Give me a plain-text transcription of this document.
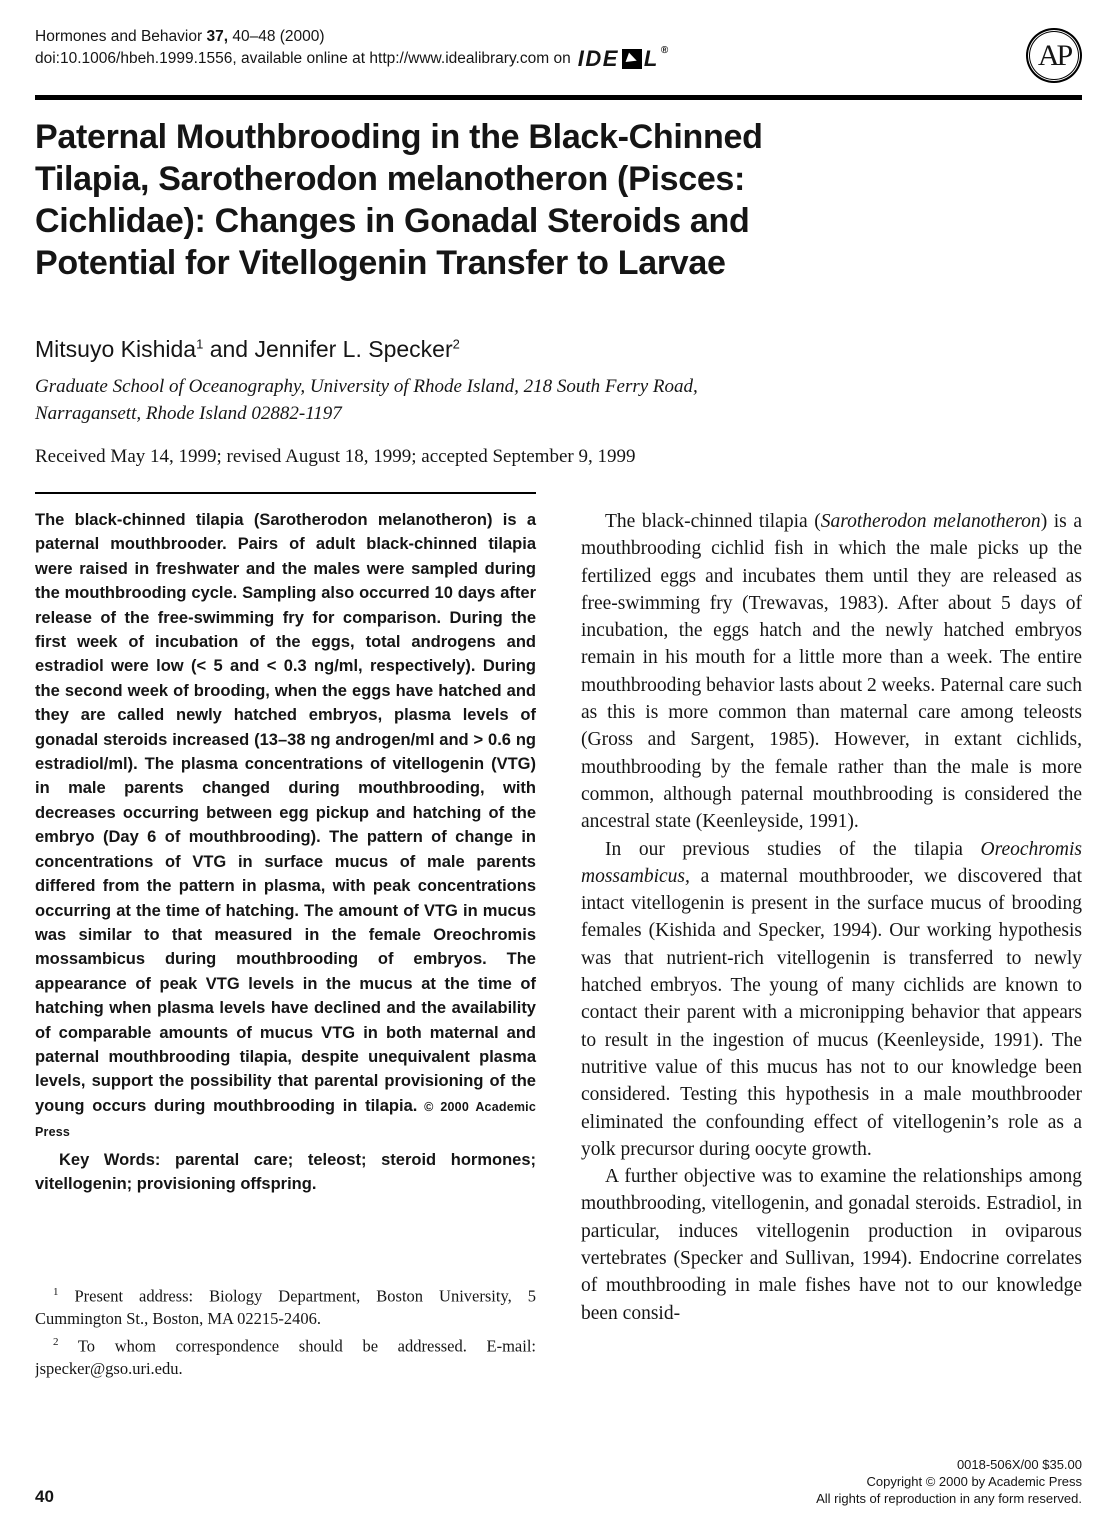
Hormones and Behavior 37, 40–48 (2000)
doi:10.1006/hbeh.1999.1556, available online at http://www.idealibrary.com on IDE L ®	AP
Paternal Mouthbrooding in the Black-Chinned
Tilapia, Sarotherodon melanotheron (Pisces:
Cichlidae): Changes in Gonadal Steroids and
Potential for Vitellogenin Transfer to Larvae
Mitsuyo Kishida$^1$ and Jennifer L. Specker$^2$
Graduate School of Oceanography, University of Rhode Island, 218 South Ferry Road,
Narragansett, Rhode Island 02882-1197
Received May 14, 1999; revised August 18, 1999; accepted September 9, 1999

The black-chinned tilapia (Sarotherodon melanotheron) is a paternal mouthbrooder. Pairs of adult black-chinned tilapia were raised in freshwater and the males were sampled during the mouthbrooding cycle. Sampling also occurred 10 days after release of the free-swimming fry for comparison. During the first week of incubation of the eggs, total androgens and estradiol were low (< 5 and < 0.3 ng/ml, respectively). During the second week of brooding, when the eggs have hatched and they are called newly hatched embryos, plasma levels of gonadal steroids increased (13–38 ng androgen/ml and > 0.6 ng estradiol/ml). The plasma concentrations of vitellogenin (VTG) in male parents changed during mouthbrooding, with decreases occurring between egg pickup and hatching of the embryo (Day 6 of mouthbrooding). The pattern of change in concentrations of VTG in surface mucus of male parents differed from the pattern in plasma, with peak concentrations occurring at the time of hatching. The amount of VTG in mucus was similar to that measured in the female Oreochromis mossambicus during mouthbrooding of embryos. The appearance of peak VTG levels in the mucus at the time of hatching when plasma levels have declined and the availability of comparable amounts of mucus VTG in both maternal and paternal mouthbrooding tilapia, despite unequivalent plasma levels, support the possibility that parental provisioning of the young occurs during mouthbrooding in tilapia. © 2000 Academic Press

Key Words: parental care; teleost; steroid hormones; vitellogenin; provisioning offspring.

$^1$ Present address: Biology Department, Boston University, 5 Cummington St., Boston, MA 02215-2406.

$^2$ To whom correspondence should be addressed. E-mail: jspecker@gso.uri.edu.

The black-chinned tilapia (Sarotherodon melanotheron) is a mouthbrooding cichlid fish in which the male picks up the fertilized eggs and incubates them until they are released as free-swimming fry (Trewavas, 1983). After about 5 days of incubation, the eggs hatch and the newly hatched embryos remain in his mouth for a little more than a week. The entire mouthbrooding behavior lasts about 2 weeks. Paternal care such as this is more common than maternal care among teleosts (Gross and Sargent, 1985). However, in extant cichlids, mouthbrooding by the female rather than the male is more common, although paternal mouthbrooding is considered the ancestral state (Keenleyside, 1991).

In our previous studies of the tilapia Oreochromis mossambicus, a maternal mouthbrooder, we discovered that intact vitellogenin is present in the surface mucus of brooding females (Kishida and Specker, 1994). Our working hypothesis was that nutrient-rich vitellogenin is transferred to newly hatched embryos. The young of many cichlids are known to contact their parent with a micronipping behavior that appears to result in the ingestion of mucus (Keenleyside, 1991). The nutritive value of this mucus has not to our knowledge been considered. Testing this hypothesis in a male mouthbrooder eliminated the confounding effect of vitellogenin’s role as a yolk precursor during oocyte growth.

A further objective was to examine the relationships among mouthbrooding, vitellogenin, and gonadal steroids. Estradiol, in particular, induces vitellogenin production in oviparous vertebrates (Specker and Sullivan, 1994). Endocrine correlates of mouthbrooding in male fishes have not to our knowledge been consid-

40
0018-506X/00 $35.00
Copyright © 2000 by Academic Press
All rights of reproduction in any form reserved.
